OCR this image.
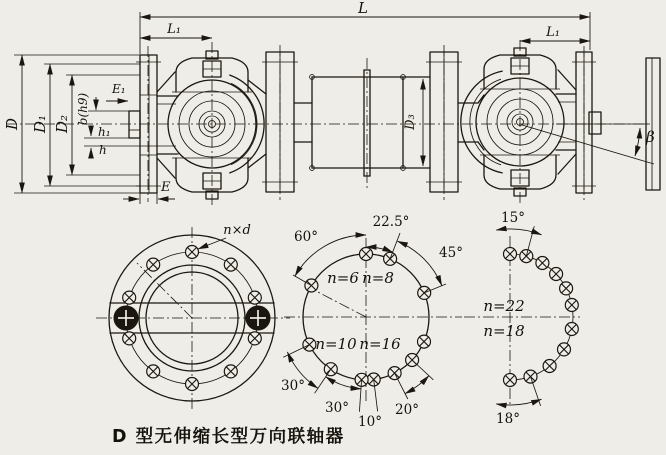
β
L
L₁	L₁
D D₁ D₂	D₃
b(h9)
h₁
h
E₁
E
n×d
n=6 n=8
n=10 n=16
60°
22.5°
45°
30°
30°
10°
20°
15°
18°
n=22
n=18
D 型无伸缩长型万向联轴器
